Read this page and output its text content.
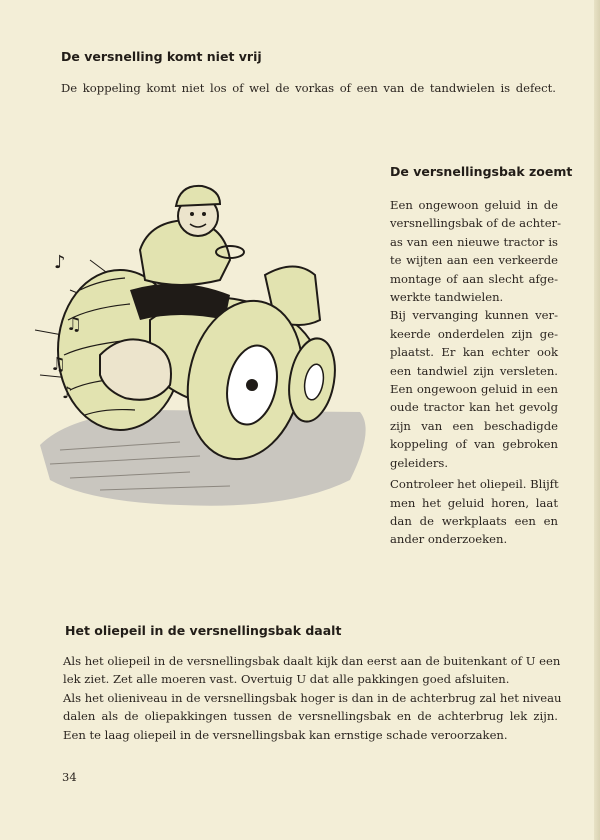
De versnelling komt niet vrij
De koppeling komt niet los of wel de vorkas of een van de tandwielen is defect.
♪
♫
♫
♪
De versnellingsbak zoemt
Een ongewoon geluid in de
versnellingsbak of de achter-
as van een nieuwe tractor is
te wijten aan een verkeerde
montage of aan slecht afge-
werkte tandwielen.
Bij vervanging kunnen ver-
keerde onderdelen zijn ge-
plaatst. Er kan echter ook
een tandwiel zijn versleten.
Een ongewoon geluid in een
oude tractor kan het gevolg
zijn van een beschadigde
koppeling of van gebroken
geleiders.
Controleer het oliepeil. Blijft
men het geluid horen, laat
dan de werkplaats een en
ander onderzoeken.
Het oliepeil in de versnellingsbak daalt
Als het oliepeil in de versnellingsbak daalt kijk dan eerst aan de buitenkant of U een
lek ziet. Zet alle moeren vast. Overtuig U dat alle pakkingen goed afsluiten.
Als het olieniveau in de versnellingsbak hoger is dan in de achterbrug zal het niveau
dalen als de oliepakkingen tussen de versnellingsbak en de achterbrug lek zijn.
Een te laag oliepeil in de versnellingsbak kan ernstige schade veroorzaken.
34
